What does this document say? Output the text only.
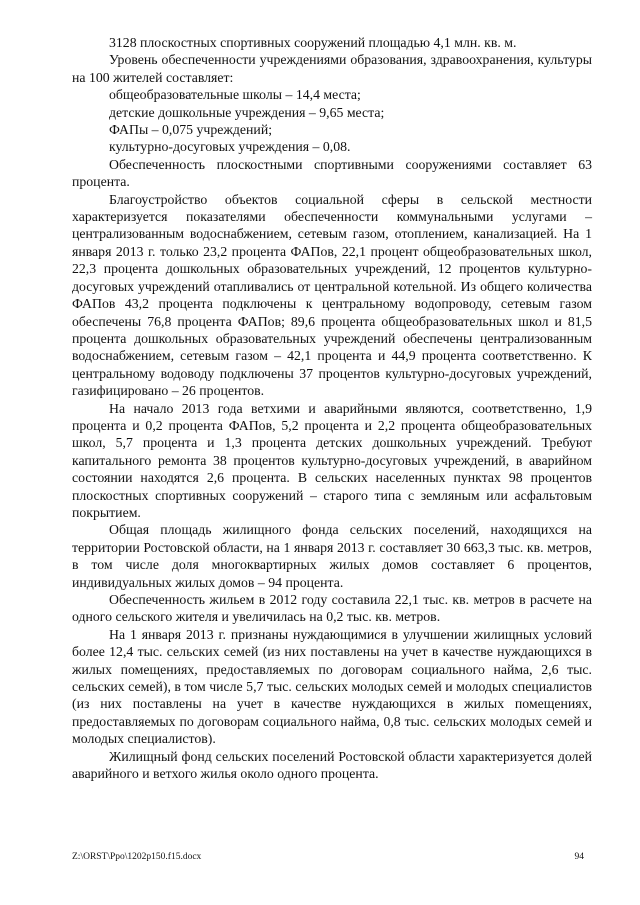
3128 плоскостных спортивных сооружений площадью 4,1 млн. кв. м.

Уровень обеспеченности учреждениями образования, здравоохранения, культуры на 100 жителей составляет:

общеобразовательные школы – 14,4 места;

детские дошкольные учреждения – 9,65 места;

ФАПы – 0,075 учреждений;

культурно-досуговых учреждения – 0,08.

Обеспеченность плоскостными спортивными сооружениями составляет 63 процента.

Благоустройство объектов социальной сферы в сельской местности характеризуется показателями обеспеченности коммунальными услугами – централизованным водоснабжением, сетевым газом, отоплением, канализацией. На 1 января 2013 г. только 23,2 процента ФАПов, 22,1 процент общеобразовательных школ, 22,3 процента дошкольных образовательных учреждений, 12 процентов культурно-досуговых учреждений отапливались от центральной котельной. Из общего количества ФАПов 43,2 процента подключены к центральному водопроводу, сетевым газом обеспечены 76,8 процента ФАПов; 89,6 процента общеобразовательных школ и 81,5 процента дошкольных образовательных учреждений обеспечены централизованным водоснабжением, сетевым газом – 42,1 процента и 44,9 процента соответственно. К центральному водоводу подключены 37 процентов культурно-досуговых учреждений, газифицировано – 26 процентов.

На начало 2013 года ветхими и аварийными являются, соответственно, 1,9 процента и 0,2 процента ФАПов, 5,2 процента и 2,2 процента общеобразовательных школ, 5,7 процента и 1,3 процента детских дошкольных учреждений. Требуют капитального ремонта 38 процентов культурно-досуговых учреждений, в аварийном состоянии находятся 2,6 процента. В сельских населенных пунктах 98 процентов плоскостных спортивных сооружений – старого типа с земляным или асфальтовым покрытием.

Общая площадь жилищного фонда сельских поселений, находящихся на территории Ростовской области, на 1 января 2013 г. составляет 30 663,3 тыс. кв. метров, в том числе доля многоквартирных жилых домов составляет 6 процентов, индивидуальных жилых домов – 94 процента.

Обеспеченность жильем в 2012 году составила 22,1 тыс. кв. метров в расчете на одного сельского жителя и увеличилась на 0,2 тыс. кв. метров.

На 1 января 2013 г. признаны нуждающимися в улучшении жилищных условий более 12,4 тыс. сельских семей (из них поставлены на учет в качестве нуждающихся в жилых помещениях, предоставляемых по договорам социального найма, 2,6 тыс. сельских семей), в том числе 5,7 тыс. сельских молодых семей и молодых специалистов (из них поставлены на учет в качестве нуждающихся в жилых помещениях, предоставляемых по договорам социального найма, 0,8 тыс. сельских молодых семей и молодых специалистов).

Жилищный фонд сельских поселений Ростовской области характеризуется долей аварийного и ветхого жилья около одного процента.

Z:\ORST\Ppo\1202p150.f15.docx	94
